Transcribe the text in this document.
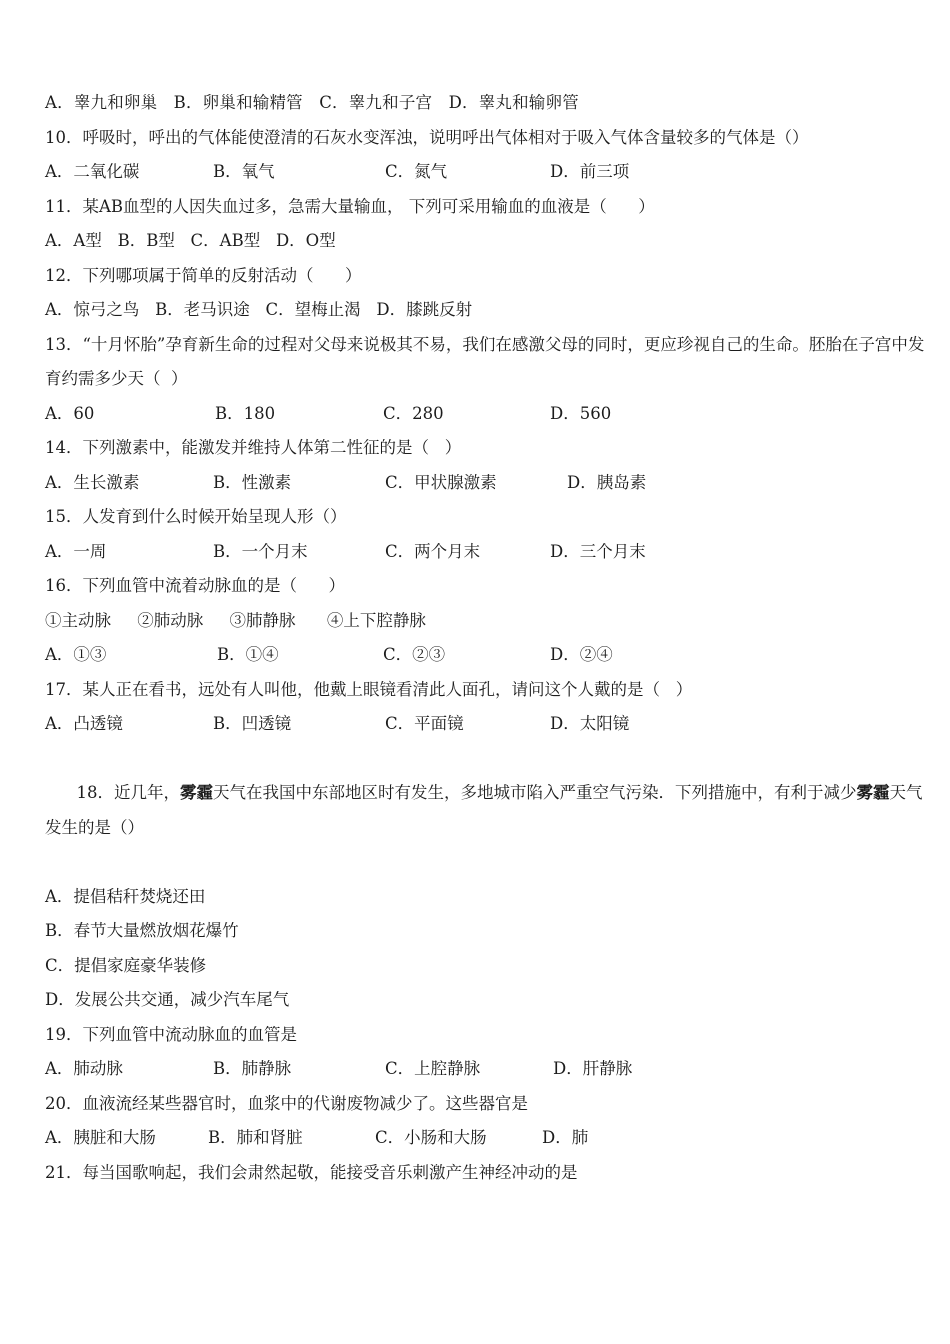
A．睾九和卵巢   B．卵巢和输精管   C．睾九和子宫   D．睾丸和输卵管
10．呼吸时，呼出的气体能使澄清的石灰水变浑浊，说明呼出气体相对于吸入气体含量较多的气体是（）
A．二氧化碳	B．氧气	C．氮气	D．前三项
11．某AB血型的人因失血过多，急需大量输血， 下列可采用输血的血液是（      ）
A．A型   B．B型   C．AB型   D．O型
12．下列哪项属于简单的反射活动（      ）
A．惊弓之鸟   B．老马识途   C．望梅止渴   D．膝跳反射
13．“十月怀胎”孕育新生命的过程对父母来说极其不易，我们在感激父母的同时，更应珍视自己的生命。胚胎在子宫中发育约需多少天（  ）
A．60	B．180	C．280	D．560
14．下列激素中，能激发并维持人体第二性征的是（   ）
A．生长激素	B．性激素	C．甲状腺激素	D．胰岛素
15．人发育到什么时候开始呈现人形（）
A．一周	B．一个月末	C．两个月末	D．三个月末
16．下列血管中流着动脉血的是（      ）
①主动脉     ②肺动脉     ③肺静脉      ④上下腔静脉
A．①③	B．①④	C．②③	D．②④
17．某人正在看书，远处有人叫他，他戴上眼镜看清此人面孔，请问这个人戴的是（   ）
A．凸透镜	B．凹透镜	C．平面镜	D．太阳镜

18．近几年，雾霾天气在我国中东部地区时有发生，多地城市陷入严重空气污染．下列措施中，有利于减少雾霾天气发生的是（）

A．提倡秸秆焚烧还田
B．春节大量燃放烟花爆竹
C．提倡家庭豪华装修
D．发展公共交通，减少汽车尾气
19．下列血管中流动脉血的血管是
A．肺动脉	B．肺静脉	C．上腔静脉	D．肝静脉
20．血液流经某些器官时，血浆中的代谢废物减少了。这些器官是
A．胰脏和大肠	B．肺和肾脏	C．小肠和大肠	D．肺
21．每当国歌响起，我们会肃然起敬，能接受音乐刺激产生神经冲动的是
